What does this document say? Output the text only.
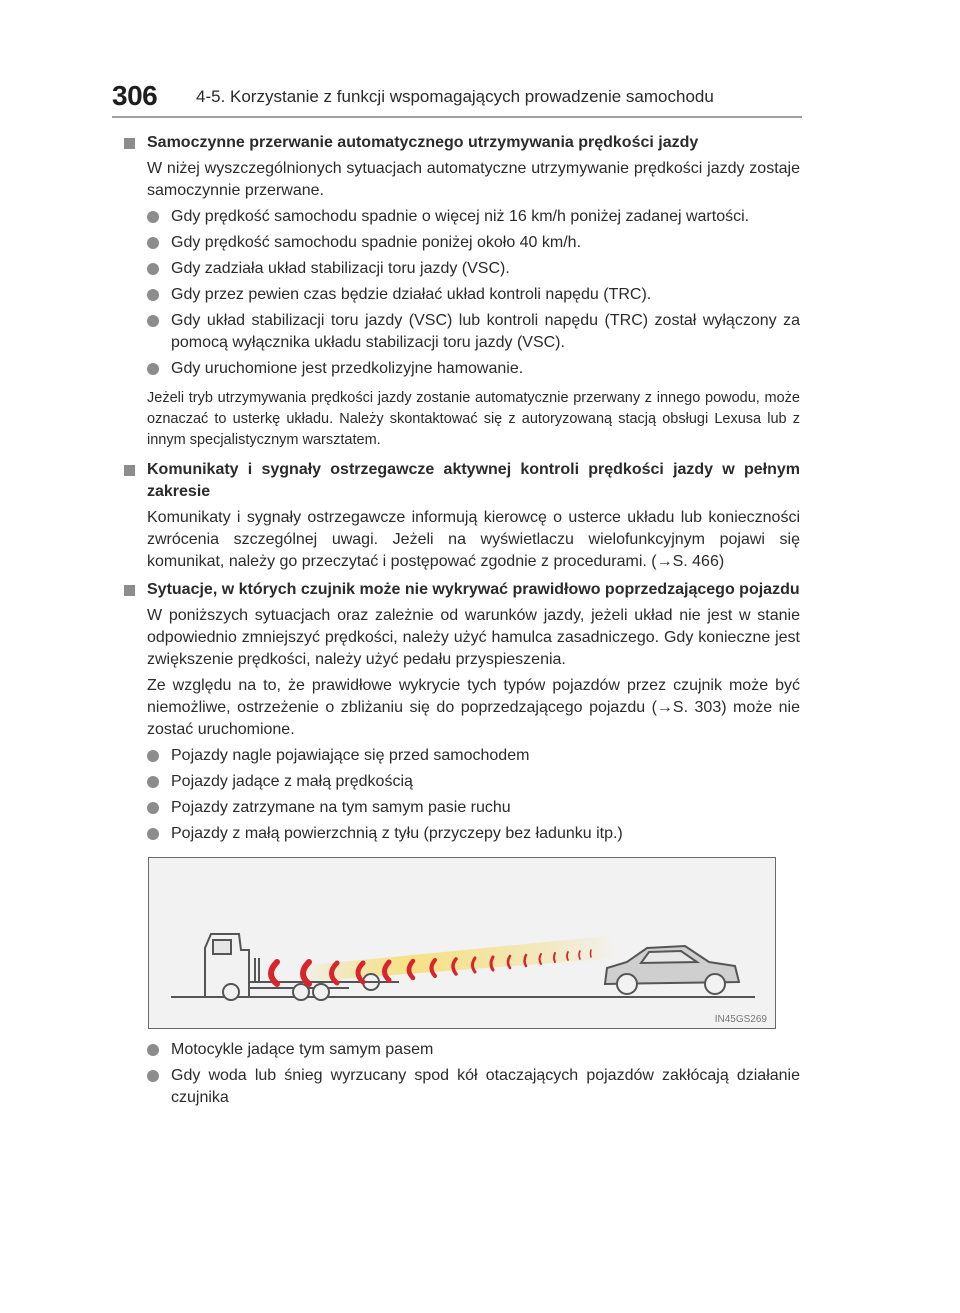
306 4-5. Korzystanie z funkcji wspomagających prowadzenie samochodu
Samoczynne przerwanie automatycznego utrzymywania prędkości jazdy
W niżej wyszczególnionych sytuacjach automatyczne utrzymywanie prędkości jazdy zostaje samoczynnie przerwane.
Gdy prędkość samochodu spadnie o więcej niż 16 km/h poniżej zadanej wartości.
Gdy prędkość samochodu spadnie poniżej około 40 km/h.
Gdy zadziała układ stabilizacji toru jazdy (VSC).
Gdy przez pewien czas będzie działać układ kontroli napędu (TRC).
Gdy układ stabilizacji toru jazdy (VSC) lub kontroli napędu (TRC) został wyłączony za pomocą wyłącznika układu stabilizacji toru jazdy (VSC).
Gdy uruchomione jest przedkolizyjne hamowanie.
Jeżeli tryb utrzymywania prędkości jazdy zostanie automatycznie przerwany z innego powodu, może oznaczać to usterkę układu. Należy skontaktować się z autoryzowaną stacją obsługi Lexusa lub z innym specjalistycznym warsztatem.
Komunikaty i sygnały ostrzegawcze aktywnej kontroli prędkości jazdy w pełnym zakresie
Komunikaty i sygnały ostrzegawcze informują kierowcę o usterce układu lub konieczności zwrócenia szczególnej uwagi. Jeżeli na wyświetlaczu wielofunkcyjnym pojawi się komunikat, należy go przeczytać i postępować zgodnie z procedurami. (→S. 466)
Sytuacje, w których czujnik może nie wykrywać prawidłowo poprzedzającego pojazdu
W poniższych sytuacjach oraz zależnie od warunków jazdy, jeżeli układ nie jest w stanie odpowiednio zmniejszyć prędkości, należy użyć hamulca zasadniczego. Gdy konieczne jest zwiększenie prędkości, należy użyć pedału przyspieszenia.
Ze względu na to, że prawidłowe wykrycie tych typów pojazdów przez czujnik może być niemożliwe, ostrzeżenie o zbliżaniu się do poprzedzającego pojazdu (→S. 303) może nie zostać uruchomione.
Pojazdy nagle pojawiające się przed samochodem
Pojazdy jadące z małą prędkością
Pojazdy zatrzymane na tym samym pasie ruchu
Pojazdy z małą powierzchnią z tyłu (przyczepy bez ładunku itp.)
IN45GS269
Motocykle jadące tym samym pasem
Gdy woda lub śnieg wyrzucany spod kół otaczających pojazdów zakłócają działanie czujnika
